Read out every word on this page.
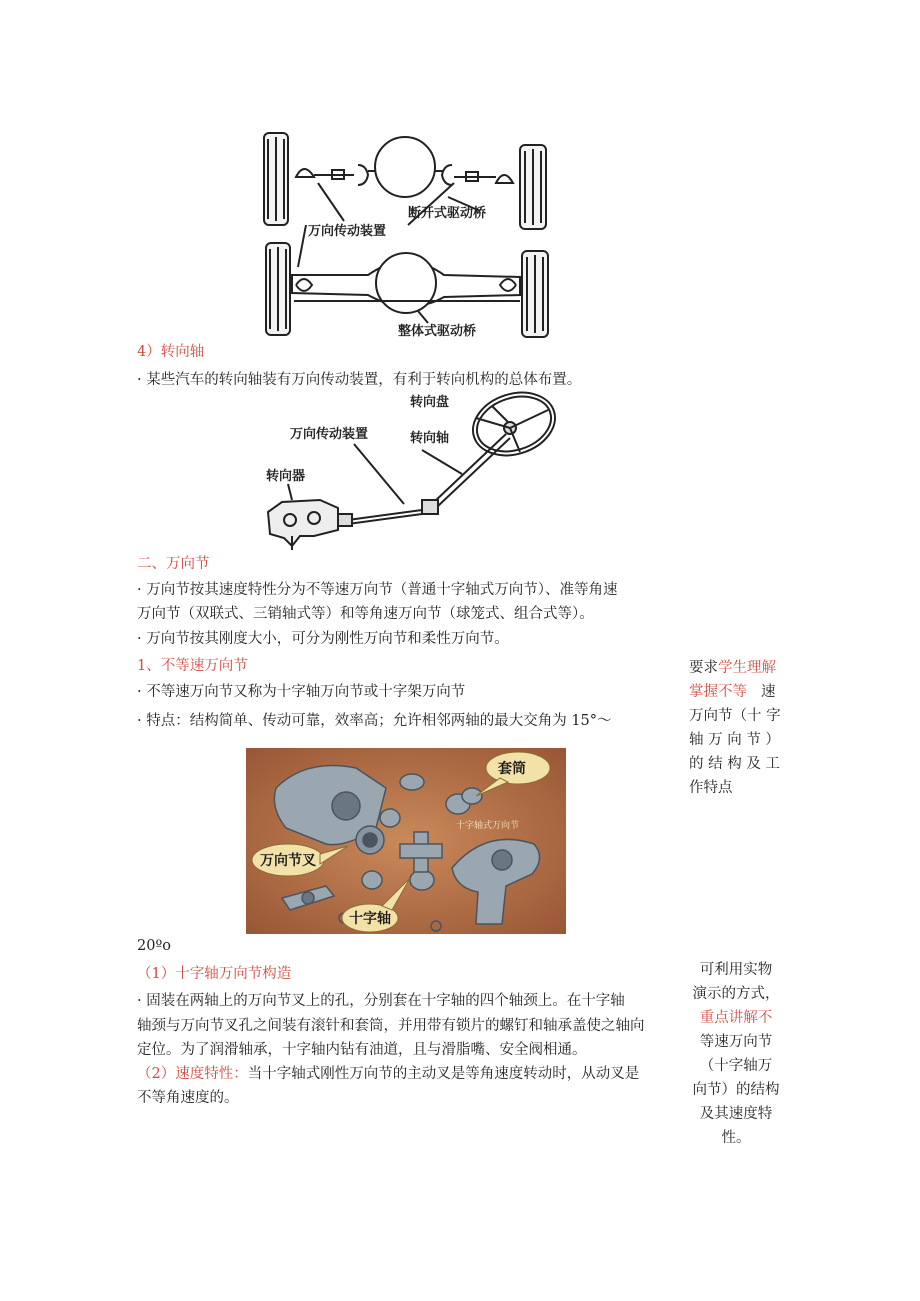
断开式驱动桥
万向传动装置
整体式驱动桥
4）转向轴
· 某些汽车的转向轴装有万向传动装置，有利于转向机构的总体布置。
转向盘
万向传动装置	转向轴
转向器
二、万向节
· 万向节按其速度特性分为不等速万向节（普通十字轴式万向节）、准等角速
万向节（双联式、三销轴式等）和等角速万向节（球笼式、组合式等）。
· 万向节按其刚度大小，可分为刚性万向节和柔性万向节。
1、不等速万向节
· 不等速万向节又称为十字轴万向节或十字架万向节
· 特点：结构简单、传动可靠，效率高；允许相邻两轴的最大交角为 15°～
套筒
十字轴式万向节
万向节叉
十字轴
20ºo
要求学生理解
掌握不等 速
万向节（十 字
轴 万 向 节 ）
的 结 构 及 工
作特点
（1）十字轴万向节构造
· 固装在两轴上的万向节叉上的孔，分别套在十字轴的四个轴颈上。在十字轴
轴颈与万向节叉孔之间装有滚针和套筒，并用带有锁片的螺钉和轴承盖使之轴向
定位。为了润滑轴承，十字轴内钻有油道，且与滑脂嘴、安全阀相通。
（2）速度特性：当十字轴式刚性万向节的主动叉是等角速度转动时，从动叉是
不等角速度的。
可利用实物
演示的方式，
重点讲解不
等速万向节
（十字轴万
向节）的结构
及其速度特
性。
